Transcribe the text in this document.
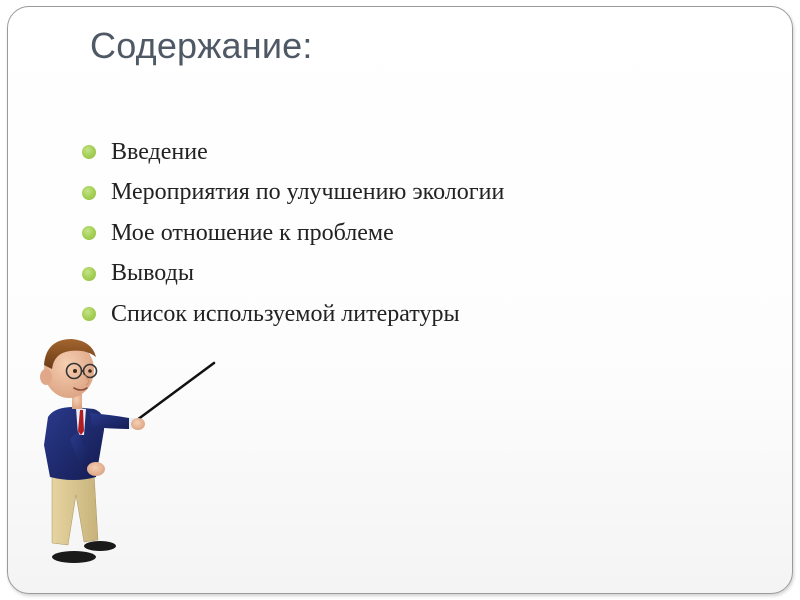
Содержание:
Введение
Мероприятия по улучшению экологии
Мое отношение к проблеме
Выводы
Список используемой литературы
